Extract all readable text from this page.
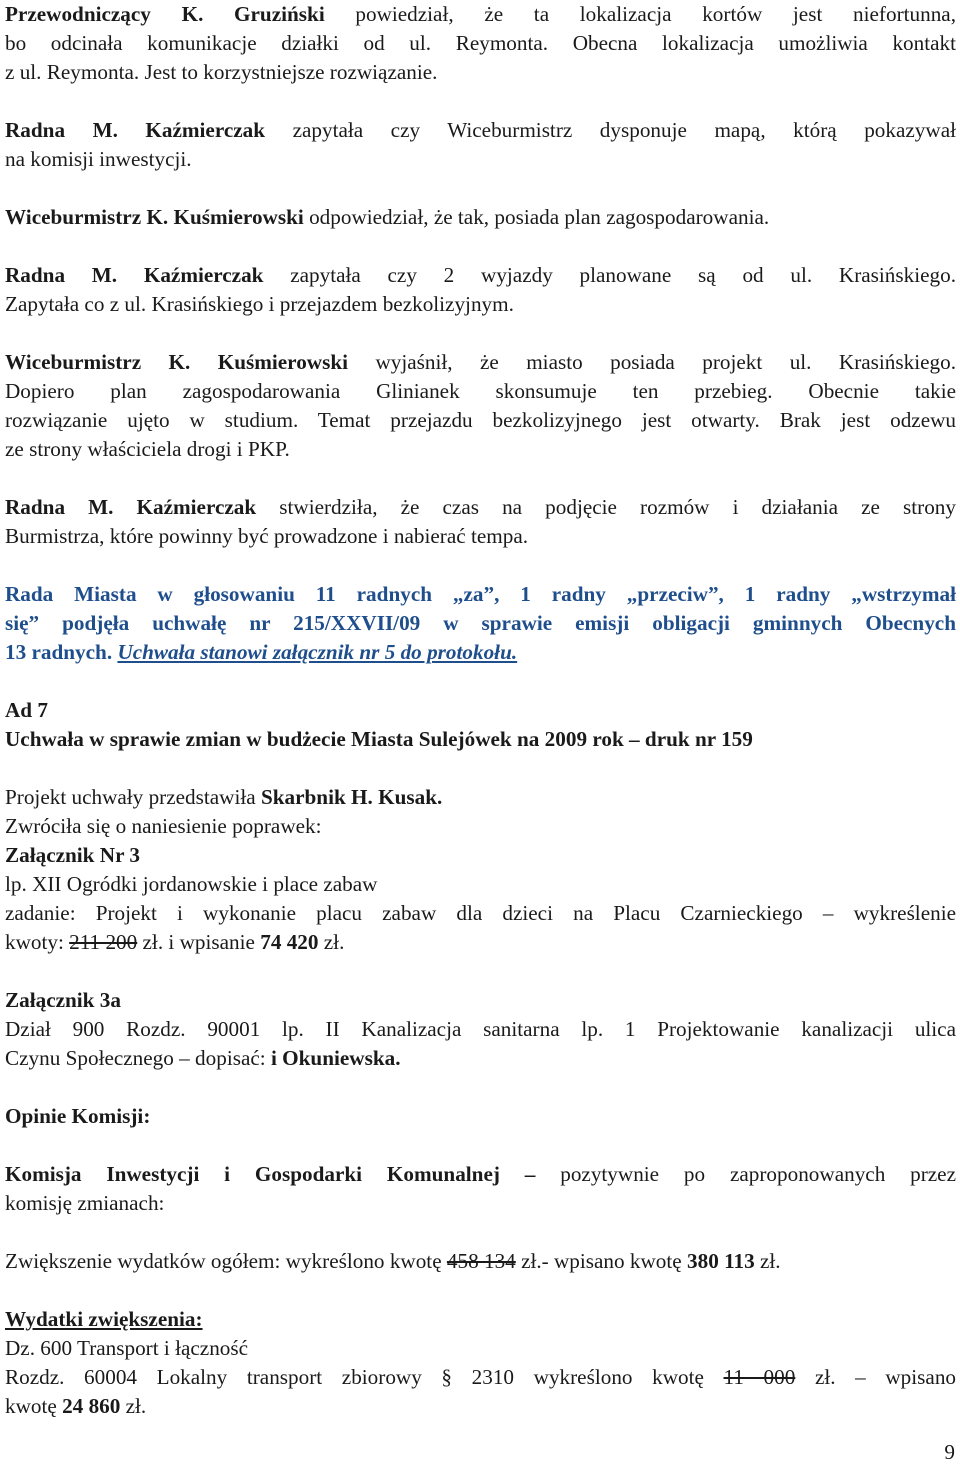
Przewodniczący K. Gruziński powiedział, że ta lokalizacja kortów jest niefortunna,

bo odcinała komunikacje działki od ul. Reymonta. Obecna lokalizacja umożliwia kontakt

z ul. Reymonta. Jest to korzystniejsze rozwiązanie.

Radna M. Kaźmierczak zapytała czy Wiceburmistrz dysponuje mapą, którą pokazywał

na komisji inwestycji.

Wiceburmistrz K. Kuśmierowski odpowiedział, że tak, posiada plan zagospodarowania.

Radna M. Kaźmierczak zapytała czy 2 wyjazdy planowane są od ul. Krasińskiego.

Zapytała co z ul. Krasińskiego i przejazdem bezkolizyjnym.

Wiceburmistrz K. Kuśmierowski wyjaśnił, że miasto posiada projekt ul. Krasińskiego.

Dopiero plan zagospodarowania Glinianek skonsumuje ten przebieg. Obecnie takie

rozwiązanie ujęto w studium. Temat przejazdu bezkolizyjnego jest otwarty. Brak jest odzewu

ze strony właściciela drogi i PKP.

Radna M. Kaźmierczak stwierdziła, że czas na podjęcie rozmów i działania ze strony

Burmistrza, które powinny być prowadzone i nabierać tempa.

Rada Miasta w głosowaniu 11 radnych „za”, 1 radny „przeciw”, 1 radny „wstrzymał

się” podjęła uchwałę nr 215/XXVII/09 w sprawie emisji obligacji gminnych Obecnych

13 radnych. Uchwała stanowi załącznik nr 5 do protokołu.

Ad 7

Uchwała w sprawie zmian w budżecie Miasta Sulejówek na 2009 rok – druk nr 159

Projekt uchwały przedstawiła Skarbnik H. Kusak.

Zwróciła się o naniesienie poprawek:

Załącznik Nr 3

lp. XII Ogródki jordanowskie i place zabaw

zadanie: Projekt i wykonanie placu zabaw dla dzieci na Placu Czarnieckiego – wykreślenie

kwoty: 211 200 zł. i wpisanie 74 420 zł.

Załącznik 3a

Dział 900 Rozdz. 90001 lp. II Kanalizacja sanitarna lp. 1 Projektowanie kanalizacji ulica

Czynu Społecznego – dopisać: i Okuniewska.

Opinie Komisji:

Komisja Inwestycji i Gospodarki Komunalnej – pozytywnie po zaproponowanych przez

komisję zmianach:

Zwiększenie wydatków ogółem: wykreślono kwotę 458 134 zł.- wpisano kwotę 380 113 zł.

Wydatki zwiększenia:

Dz. 600 Transport i łączność

Rozdz. 60004 Lokalny transport zbiorowy § 2310 wykreślono kwotę 11 000 zł. – wpisano

kwotę 24 860 zł.

9
